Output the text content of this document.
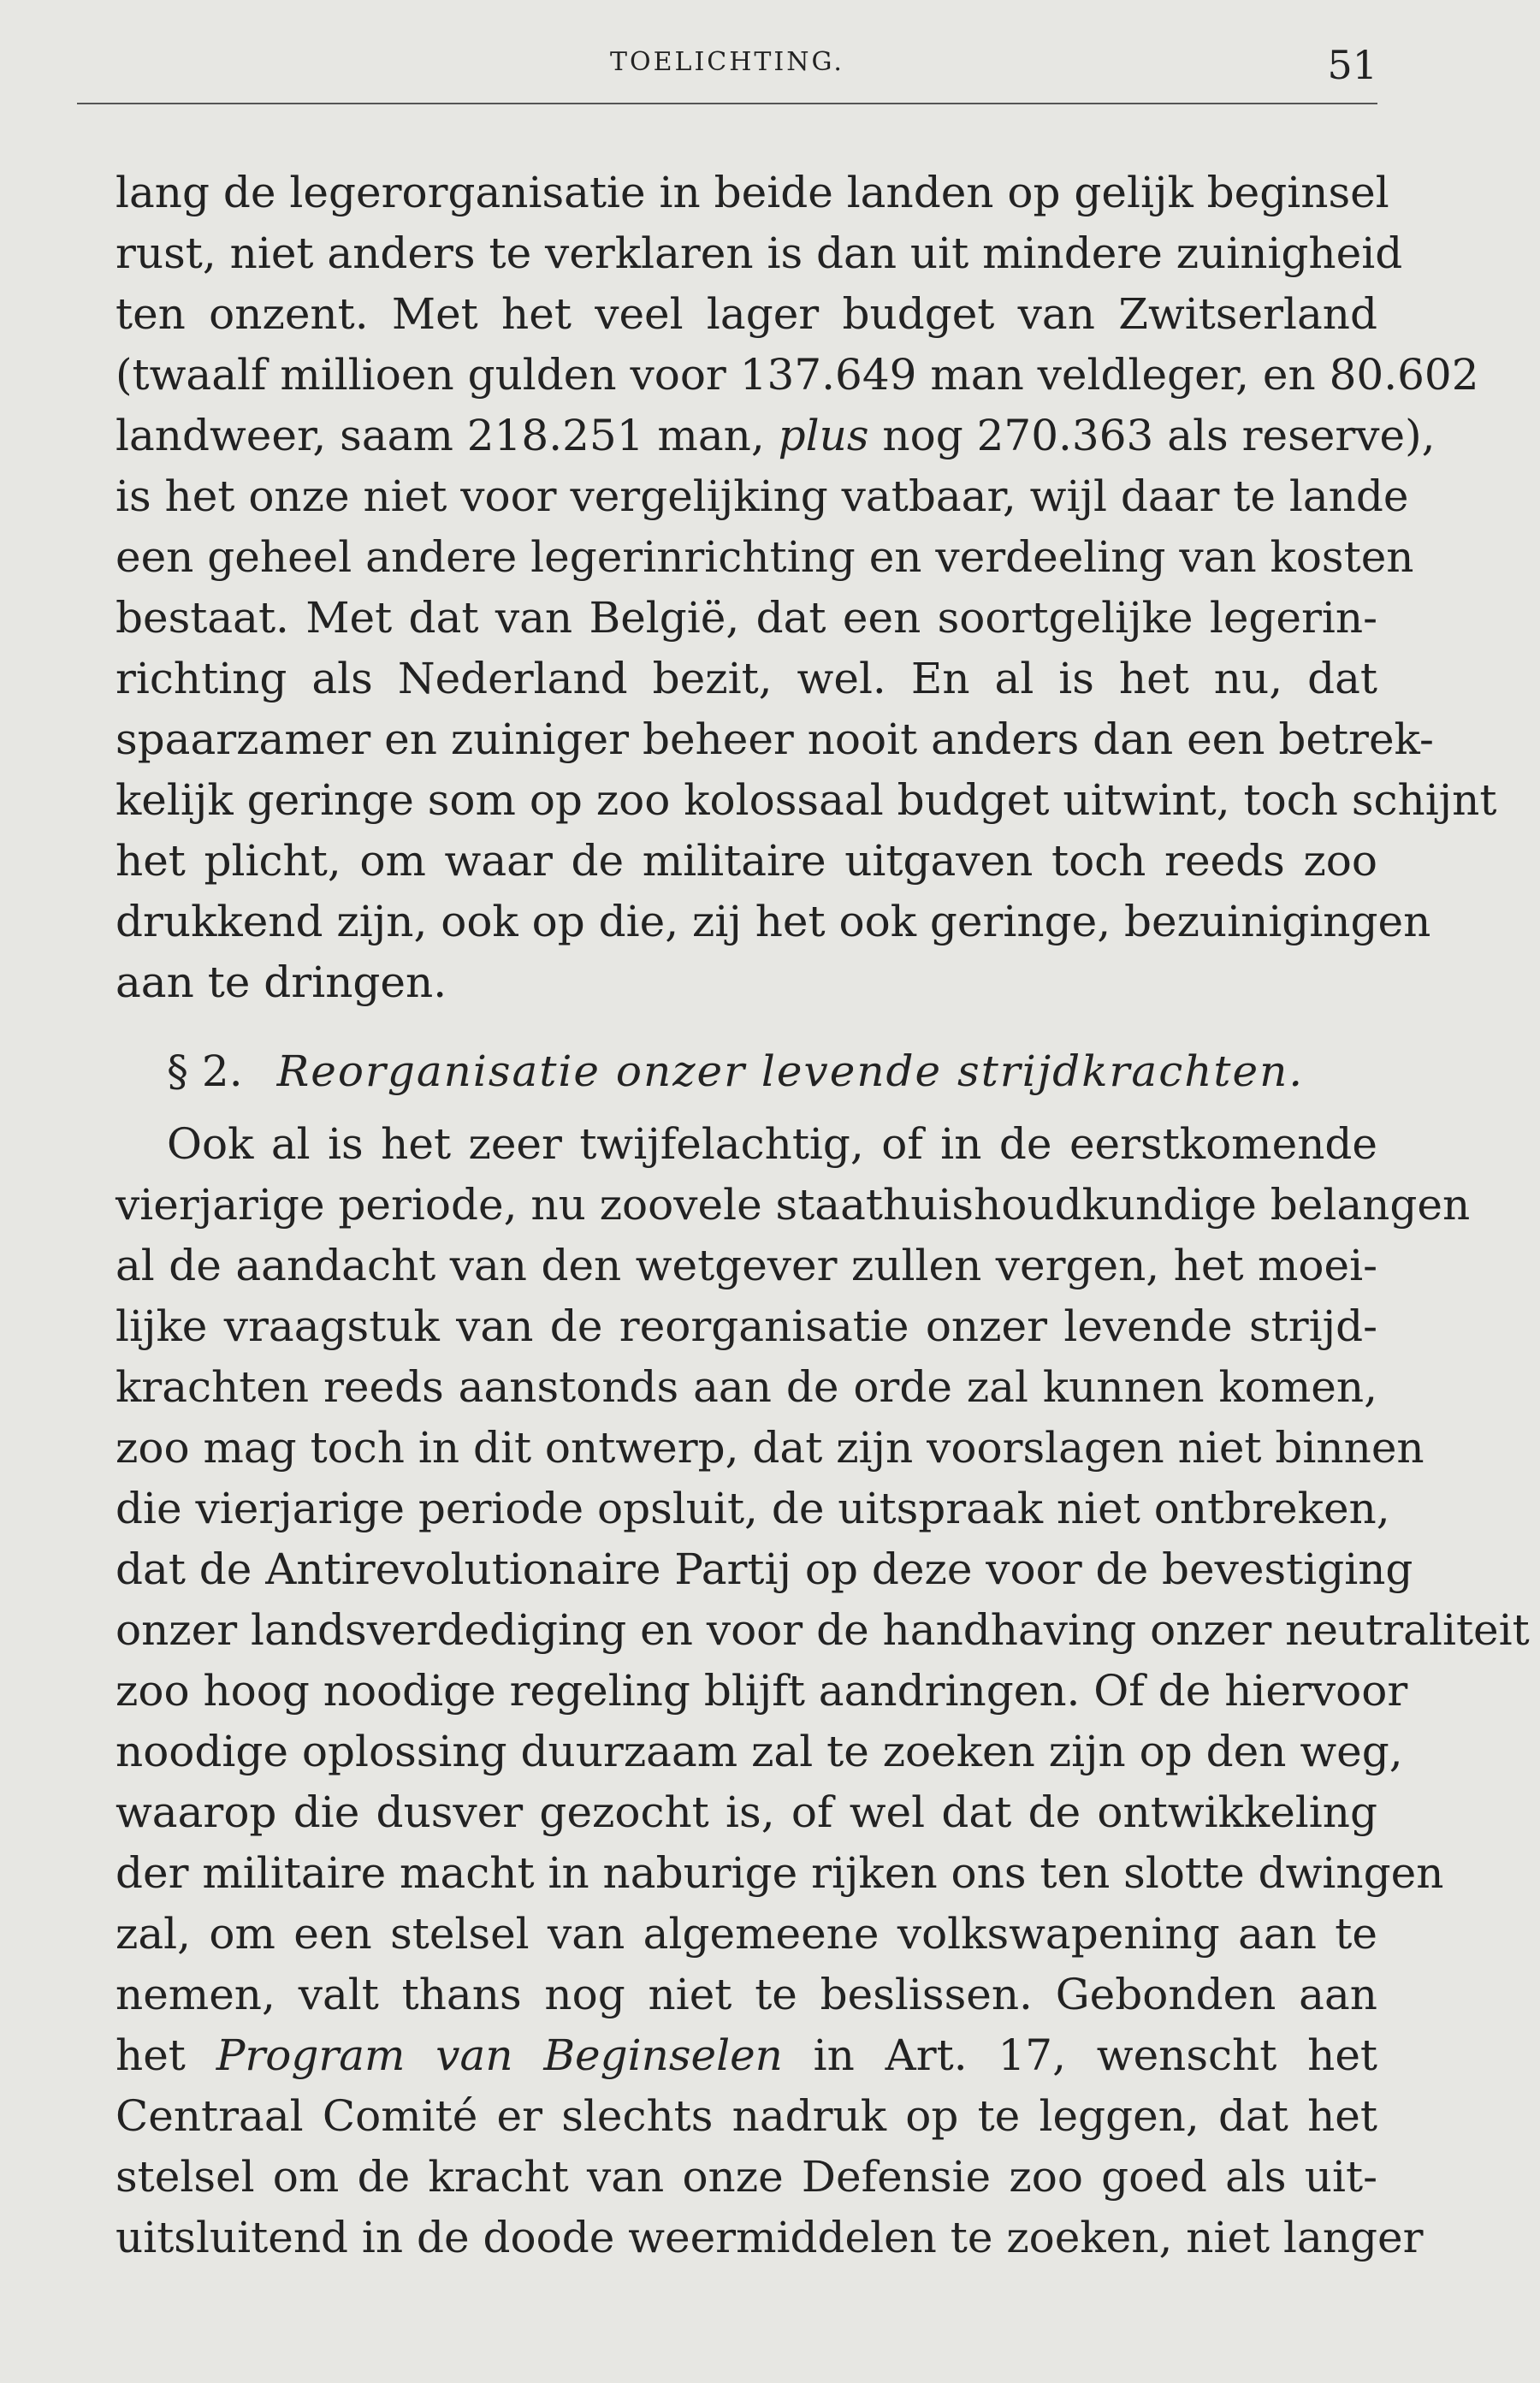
TOELICHTING.	51
lang de legerorganisatie in beide landen op gelijk beginsel
rust, niet anders te verklaren is dan uit mindere zuinigheid
ten onzent. Met het veel lager budget van Zwitserland
(twaalf millioen gulden voor 137.649 man veldleger, en 80.602
landweer, saam 218.251 man, plus nog 270.363 als reserve),
is het onze niet voor vergelijking vatbaar, wijl daar te lande
een geheel andere legerinrichting en verdeeling van kosten
bestaat. Met dat van België, dat een soortgelijke legerin-
richting als Nederland bezit, wel. En al is het nu, dat
spaarzamer en zuiniger beheer nooit anders dan een betrek-
kelijk geringe som op zoo kolossaal budget uitwint, toch schijnt
het plicht, om waar de militaire uitgaven toch reeds zoo
drukkend zijn, ook op die, zij het ook geringe, bezuinigingen
aan te dringen.
§ 2. Reorganisatie onzer levende strijdkrachten.
Ook al is het zeer twijfelachtig, of in de eerstkomende
vierjarige periode, nu zoovele staathuishoudkundige belangen
al de aandacht van den wetgever zullen vergen, het moei-
lijke vraagstuk van de reorganisatie onzer levende strijd-
krachten reeds aanstonds aan de orde zal kunnen komen,
zoo mag toch in dit ontwerp, dat zijn voorslagen niet binnen
die vierjarige periode opsluit, de uitspraak niet ontbreken,
dat de Antirevolutionaire Partij op deze voor de bevestiging
onzer landsverdediging en voor de handhaving onzer neutraliteit
zoo hoog noodige regeling blijft aandringen. Of de hiervoor
noodige oplossing duurzaam zal te zoeken zijn op den weg,
waarop die dusver gezocht is, of wel dat de ontwikkeling
der militaire macht in naburige rijken ons ten slotte dwingen
zal, om een stelsel van algemeene volkswapening aan te
nemen, valt thans nog niet te beslissen. Gebonden aan
het Program van Beginselen in Art. 17, wenscht het
Centraal Comité er slechts nadruk op te leggen, dat het
stelsel om de kracht van onze Defensie zoo goed als uit-
uitsluitend in de doode weermiddelen te zoeken, niet langer
